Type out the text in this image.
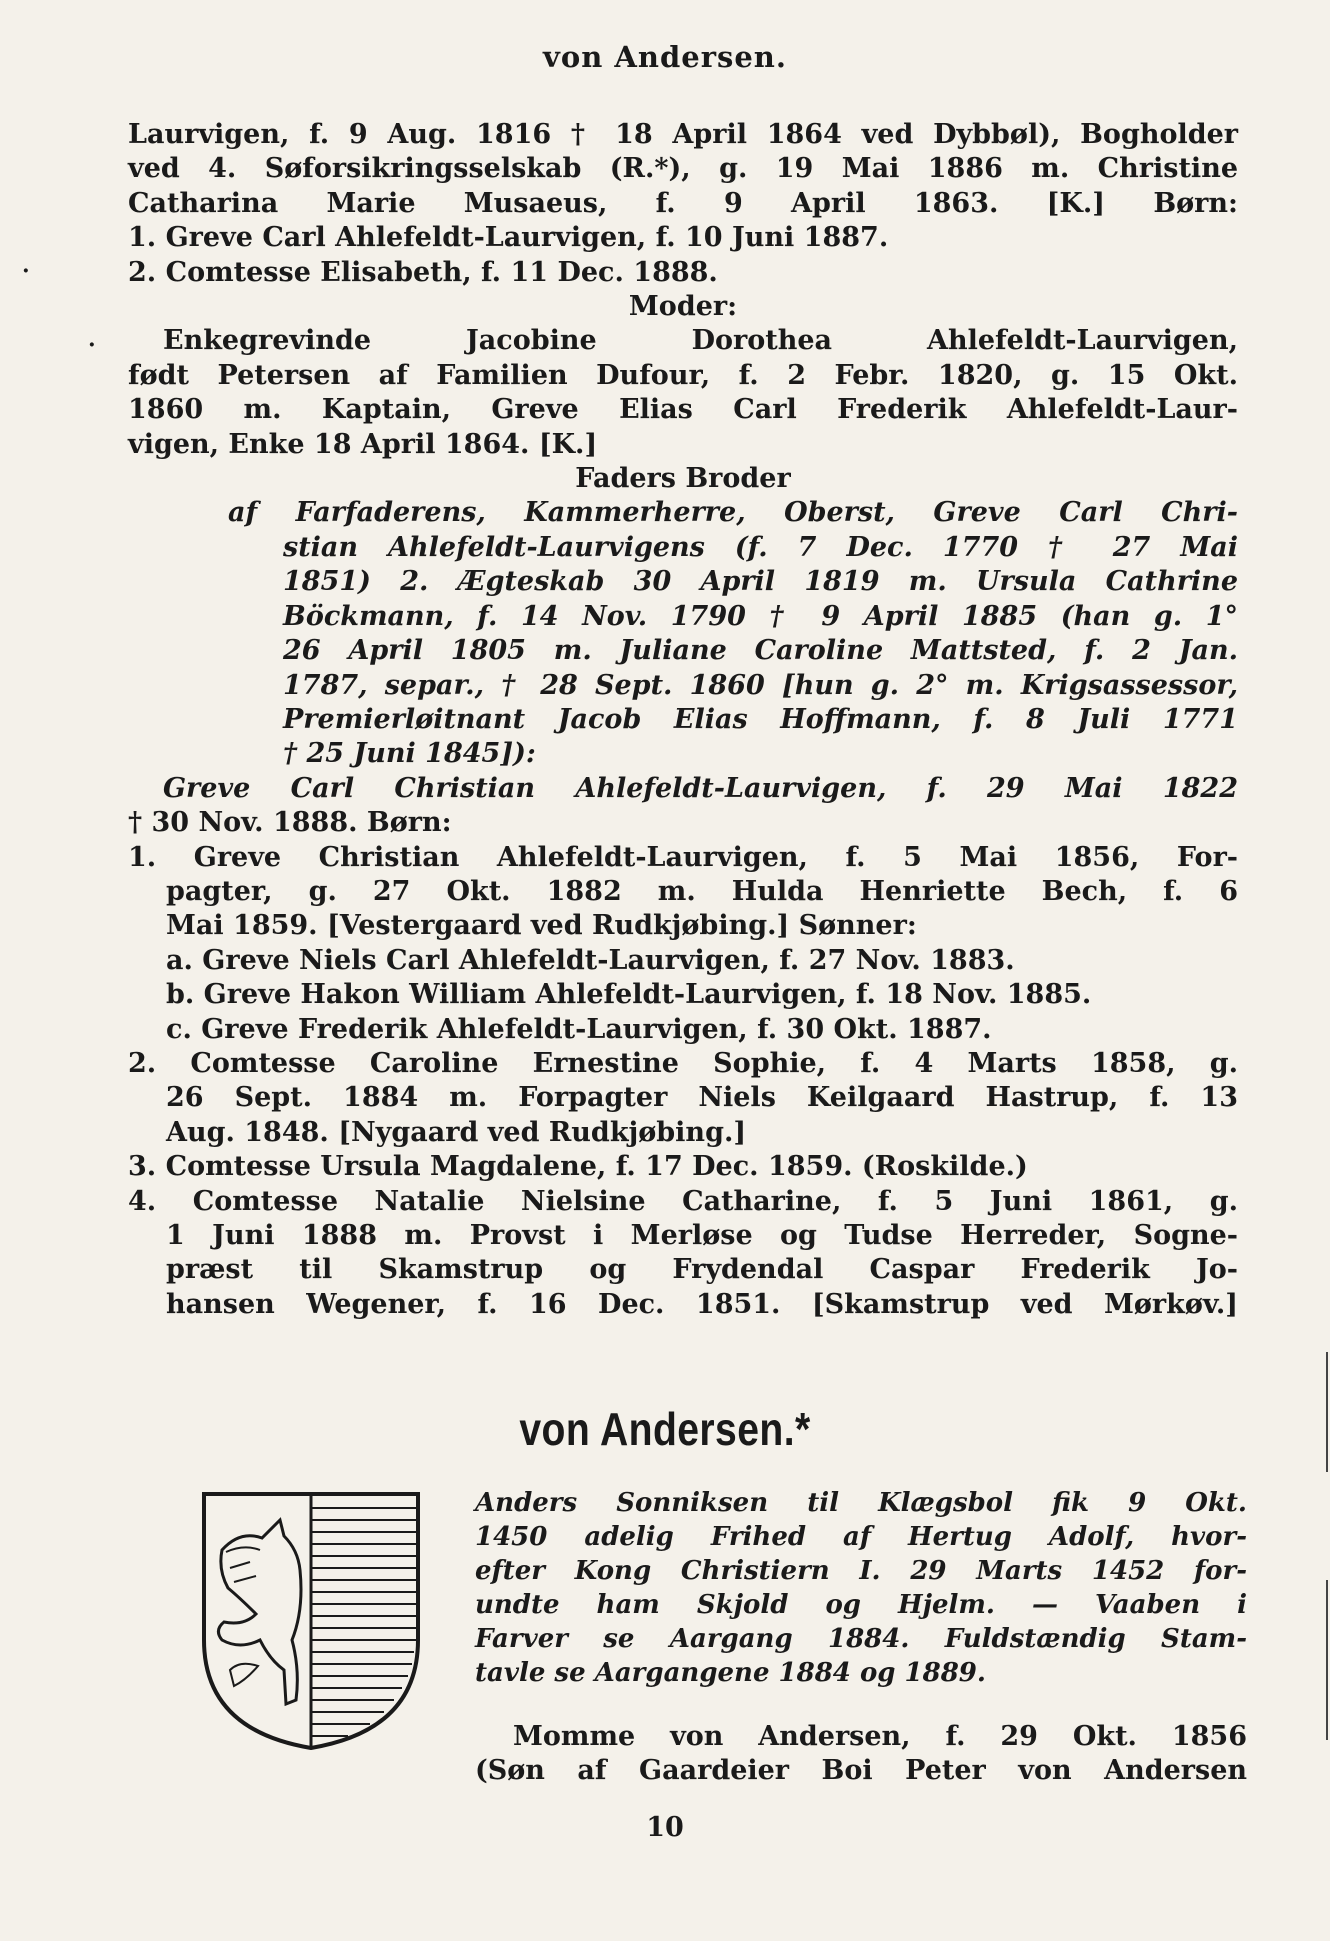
von Andersen.
Laurvigen, f. 9 Aug. 1816 † 18 April 1864 ved Dybbøl), Bogholder
ved 4. Søforsikringsselskab (R.*), g. 19 Mai 1886 m. Christine
Catharina Marie Musaeus, f. 9 April 1863. [K.] Børn:
1. Greve Carl Ahlefeldt-Laurvigen, f. 10 Juni 1887.
2. Comtesse Elisabeth, f. 11 Dec. 1888.
Moder:
Enkegrevinde Jacobine Dorothea Ahlefeldt-Laurvigen,
født Petersen af Familien Dufour, f. 2 Febr. 1820, g. 15 Okt.
1860 m. Kaptain, Greve Elias Carl Frederik Ahlefeldt-Laur-
vigen, Enke 18 April 1864. [K.]
Faders Broder
af Farfaderens, Kammerherre, Oberst, Greve Carl Chri-
stian Ahlefeldt-Laurvigens (f. 7 Dec. 1770 † 27 Mai
1851) 2. Ægteskab 30 April 1819 m. Ursula Cathrine
Böckmann, f. 14 Nov. 1790 † 9 April 1885 (han g. 1°
26 April 1805 m. Juliane Caroline Mattsted, f. 2 Jan.
1787, separ., † 28 Sept. 1860 [hun g. 2° m. Krigsassessor,
Premierløitnant Jacob Elias Hoffmann, f. 8 Juli 1771
† 25 Juni 1845]):
Greve Carl Christian Ahlefeldt-Laurvigen, f. 29 Mai 1822
† 30 Nov. 1888. Børn:
1. Greve Christian Ahlefeldt-Laurvigen, f. 5 Mai 1856, For-
pagter, g. 27 Okt. 1882 m. Hulda Henriette Bech, f. 6
Mai 1859. [Vestergaard ved Rudkjøbing.] Sønner:
a. Greve Niels Carl Ahlefeldt-Laurvigen, f. 27 Nov. 1883.
b. Greve Hakon William Ahlefeldt-Laurvigen, f. 18 Nov. 1885.
c. Greve Frederik Ahlefeldt-Laurvigen, f. 30 Okt. 1887.
2. Comtesse Caroline Ernestine Sophie, f. 4 Marts 1858, g.
26 Sept. 1884 m. Forpagter Niels Keilgaard Hastrup, f. 13
Aug. 1848. [Nygaard ved Rudkjøbing.]
3. Comtesse Ursula Magdalene, f. 17 Dec. 1859. (Roskilde.)
4. Comtesse Natalie Nielsine Catharine, f. 5 Juni 1861, g.
1 Juni 1888 m. Provst i Merløse og Tudse Herreder, Sogne-
præst til Skamstrup og Frydendal Caspar Frederik Jo-
hansen Wegener, f. 16 Dec. 1851. [Skamstrup ved Mørkøv.]
von Andersen.*
Anders Sonniksen til Klægsbol fik 9 Okt.
1450 adelig Frihed af Hertug Adolf, hvor-
efter Kong Christiern I. 29 Marts 1452 for-
undte ham Skjold og Hjelm. — Vaaben i
Farver se Aargang 1884. Fuldstændig Stam-
tavle se Aargangene 1884 og 1889.
Momme von Andersen, f. 29 Okt. 1856
(Søn af Gaardeier Boi Peter von Andersen
10
·
·
